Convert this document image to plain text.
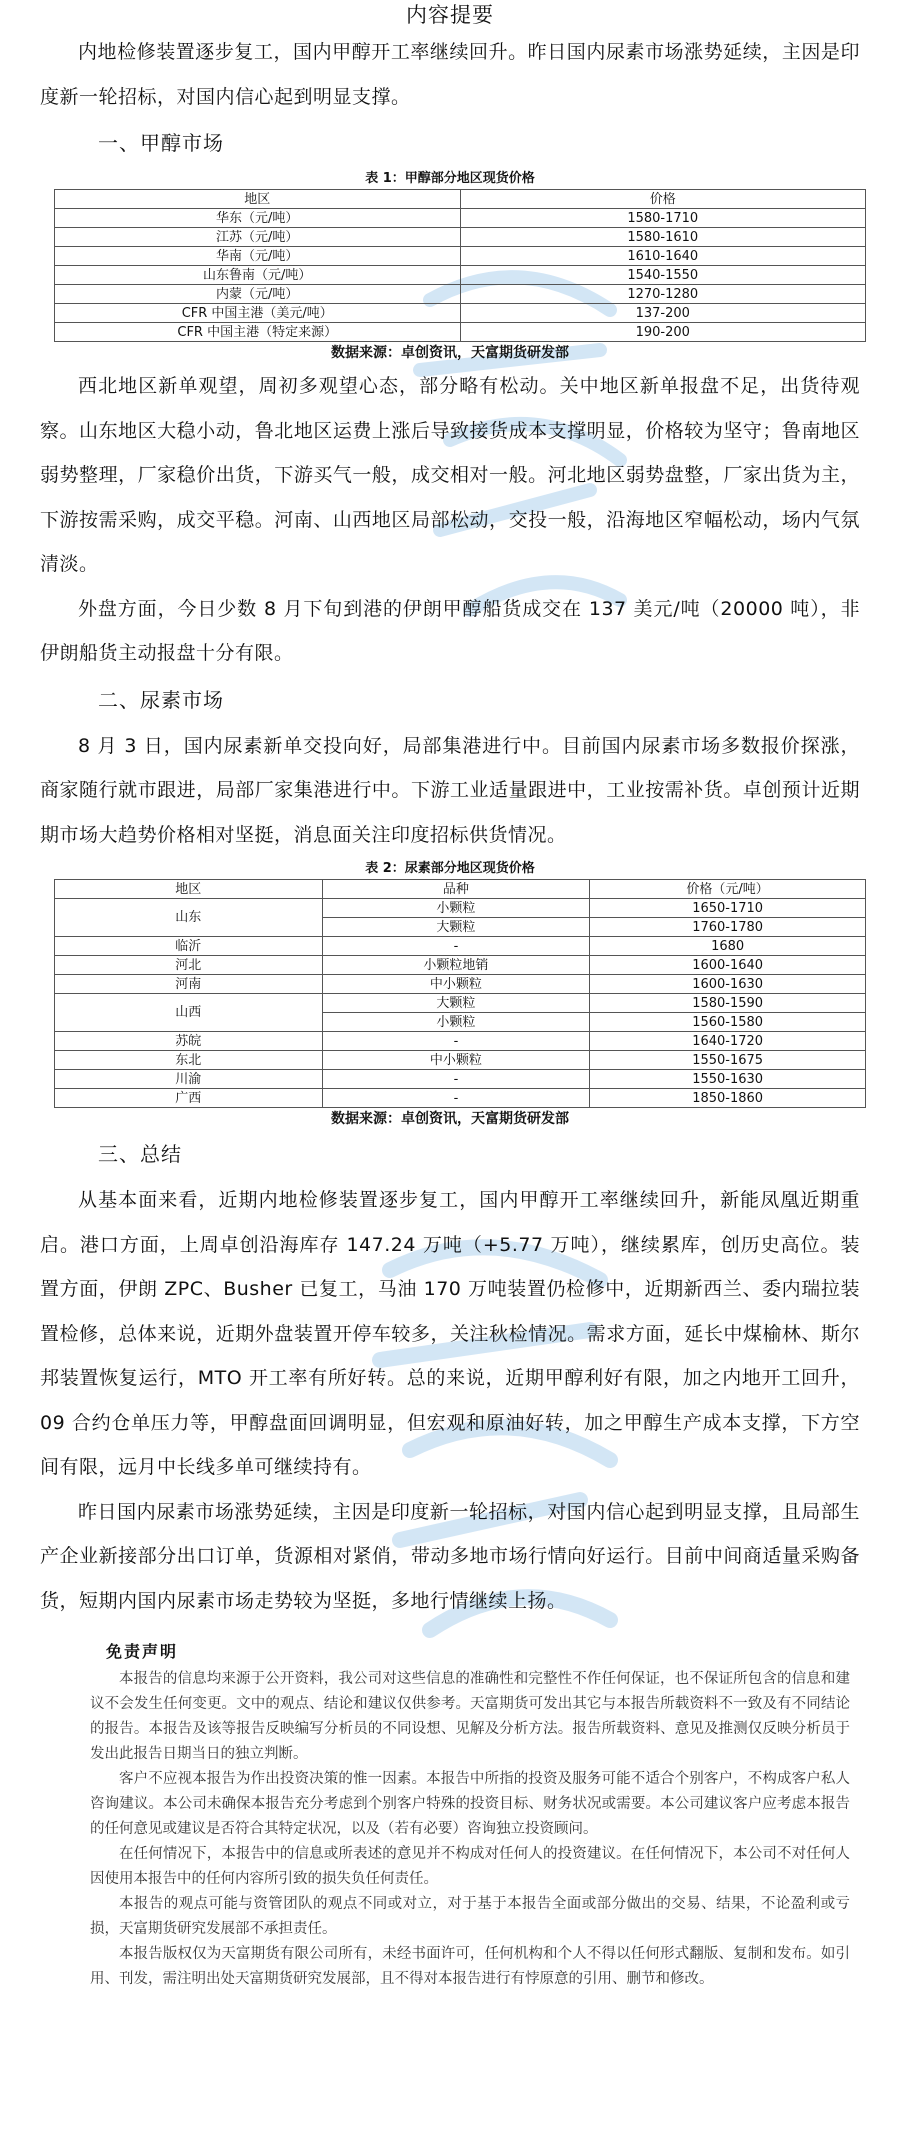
内容提要

内地检修装置逐步复工，国内甲醇开工率继续回升。昨日国内尿素市场涨势延续，主因是印度新一轮招标，对国内信心起到明显支撑。

一、甲醇市场
表 1：甲醇部分地区现货价格
地区	价格
华东（元/吨）	1580-1710
江苏（元/吨）	1580-1610
华南（元/吨）	1610-1640
山东鲁南（元/吨）	1540-1550
内蒙（元/吨）	1270-1280
CFR 中国主港（美元/吨）	137-200
CFR 中国主港（特定来源）	190-200
数据来源：卓创资讯，天富期货研发部

西北地区新单观望，周初多观望心态，部分略有松动。关中地区新单报盘不足，出货待观察。山东地区大稳小动，鲁北地区运费上涨后导致接货成本支撑明显，价格较为坚守；鲁南地区弱势整理，厂家稳价出货，下游买气一般，成交相对一般。河北地区弱势盘整，厂家出货为主，下游按需采购，成交平稳。河南、山西地区局部松动，交投一般，沿海地区窄幅松动，场内气氛清淡。

外盘方面，今日少数 8 月下旬到港的伊朗甲醇船货成交在 137 美元/吨（20000 吨），非伊朗船货主动报盘十分有限。

二、尿素市场

8 月 3 日，国内尿素新单交投向好，局部集港进行中。目前国内尿素市场多数报价探涨，商家随行就市跟进，局部厂家集港进行中。下游工业适量跟进中，工业按需补货。卓创预计近期期市场大趋势价格相对坚挺，消息面关注印度招标供货情况。

表 2：尿素部分地区现货价格
地区	品种	价格（元/吨）
山东	小颗粒	1650-1710
	大颗粒	1760-1780
临沂	-	1680
河北	小颗粒地销	1600-1640
河南	中小颗粒	1600-1630
山西	大颗粒	1580-1590
	小颗粒	1560-1580
苏皖	-	1640-1720
东北	中小颗粒	1550-1675
川渝	-	1550-1630
广西	-	1850-1860
数据来源：卓创资讯，天富期货研发部
三、总结

从基本面来看，近期内地检修装置逐步复工，国内甲醇开工率继续回升，新能凤凰近期重启。港口方面，上周卓创沿海库存 147.24 万吨（+5.77 万吨），继续累库，创历史高位。装置方面，伊朗 ZPC、Busher 已复工，马油 170 万吨装置仍检修中，近期新西兰、委内瑞拉装置检修，总体来说，近期外盘装置开停车较多，关注秋检情况。需求方面，延长中煤榆林、斯尔邦装置恢复运行，MTO 开工率有所好转。总的来说，近期甲醇利好有限，加之内地开工回升，09 合约仓单压力等，甲醇盘面回调明显，但宏观和原油好转，加之甲醇生产成本支撑，下方空间有限，远月中长线多单可继续持有。

昨日国内尿素市场涨势延续，主因是印度新一轮招标，对国内信心起到明显支撑，且局部生产企业新接部分出口订单，货源相对紧俏，带动多地市场行情向好运行。目前中间商适量采购备货，短期内国内尿素市场走势较为坚挺，多地行情继续上扬。

免责声明

本报告的信息均来源于公开资料，我公司对这些信息的准确性和完整性不作任何保证，也不保证所包含的信息和建议不会发生任何变更。文中的观点、结论和建议仅供参考。天富期货可发出其它与本报告所载资料不一致及有不同结论的报告。本报告及该等报告反映编写分析员的不同设想、见解及分析方法。报告所载资料、意见及推测仅反映分析员于发出此报告日期当日的独立判断。

客户不应视本报告为作出投资决策的惟一因素。本报告中所指的投资及服务可能不适合个别客户，不构成客户私人咨询建议。本公司未确保本报告充分考虑到个别客户特殊的投资目标、财务状况或需要。本公司建议客户应考虑本报告的任何意见或建议是否符合其特定状况，以及（若有必要）咨询独立投资顾问。

在任何情况下，本报告中的信息或所表述的意见并不构成对任何人的投资建议。在任何情况下，本公司不对任何人因使用本报告中的任何内容所引致的损失负任何责任。

本报告的观点可能与资管团队的观点不同或对立，对于基于本报告全面或部分做出的交易、结果，不论盈利或亏损，天富期货研究发展部不承担责任。

本报告版权仅为天富期货有限公司所有，未经书面许可，任何机构和个人不得以任何形式翻版、复制和发布。如引用、刊发，需注明出处天富期货研究发展部，且不得对本报告进行有悖原意的引用、删节和修改。
